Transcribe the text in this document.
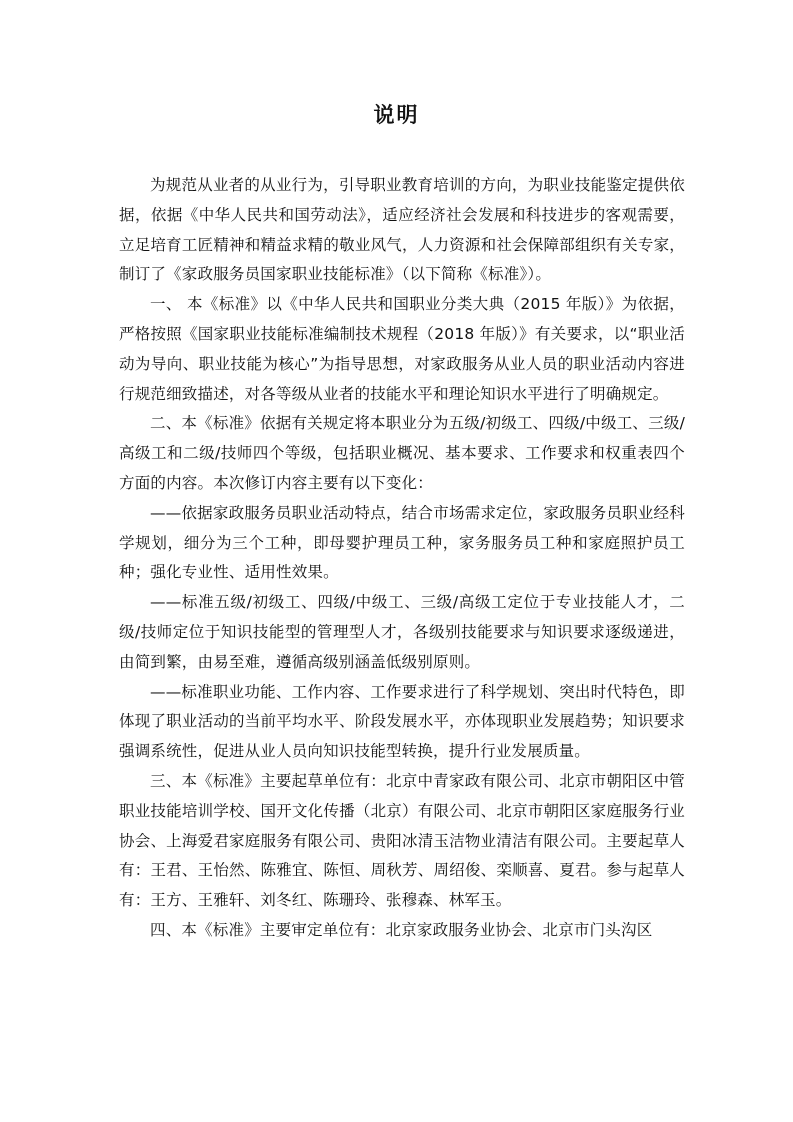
说明

为规范从业者的从业行为，引导职业教育培训的方向，为职业技能鉴定提供依据，依据《中华人民共和国劳动法》，适应经济社会发展和科技进步的客观需要，立足培育工匠精神和精益求精的敬业风气，人力资源和社会保障部组织有关专家，制订了《家政服务员国家职业技能标准》（以下简称《标准》）。

一、 本《标准》以《中华人民共和国职业分类大典（2015 年版）》为依据，严格按照《国家职业技能标准编制技术规程（2018 年版）》有关要求，以“职业活动为导向、职业技能为核心”为指导思想，对家政服务从业人员的职业活动内容进行规范细致描述，对各等级从业者的技能水平和理论知识水平进行了明确规定。

二、本《标准》依据有关规定将本职业分为五级/初级工、四级/中级工、三级/高级工和二级/技师四个等级，包括职业概况、基本要求、工作要求和权重表四个方面的内容。本次修订内容主要有以下变化：

——依据家政服务员职业活动特点，结合市场需求定位，家政服务员职业经科学规划，细分为三个工种，即母婴护理员工种，家务服务员工种和家庭照护员工种；强化专业性、适用性效果。

——标准五级/初级工、四级/中级工、三级/高级工定位于专业技能人才，二级/技师定位于知识技能型的管理型人才，各级别技能要求与知识要求逐级递进，由简到繁，由易至难，遵循高级别涵盖低级别原则。

——标准职业功能、工作内容、工作要求进行了科学规划、突出时代特色，即体现了职业活动的当前平均水平、阶段发展水平，亦体现职业发展趋势；知识要求强调系统性，促进从业人员向知识技能型转换，提升行业发展质量。

三、本《标准》主要起草单位有：北京中青家政有限公司、北京市朝阳区中管职业技能培训学校、国开文化传播（北京）有限公司、北京市朝阳区家庭服务行业协会、上海爱君家庭服务有限公司、贵阳冰清玉洁物业清洁有限公司。主要起草人有：王君、王怡然、陈雅宜、陈恒、周秋芳、周绍俊、栾顺喜、夏君。参与起草人有：王方、王雅轩、刘冬红、陈珊玲、张穆森、林军玉。

四、本《标准》主要审定单位有：北京家政服务业协会、北京市门头沟区
